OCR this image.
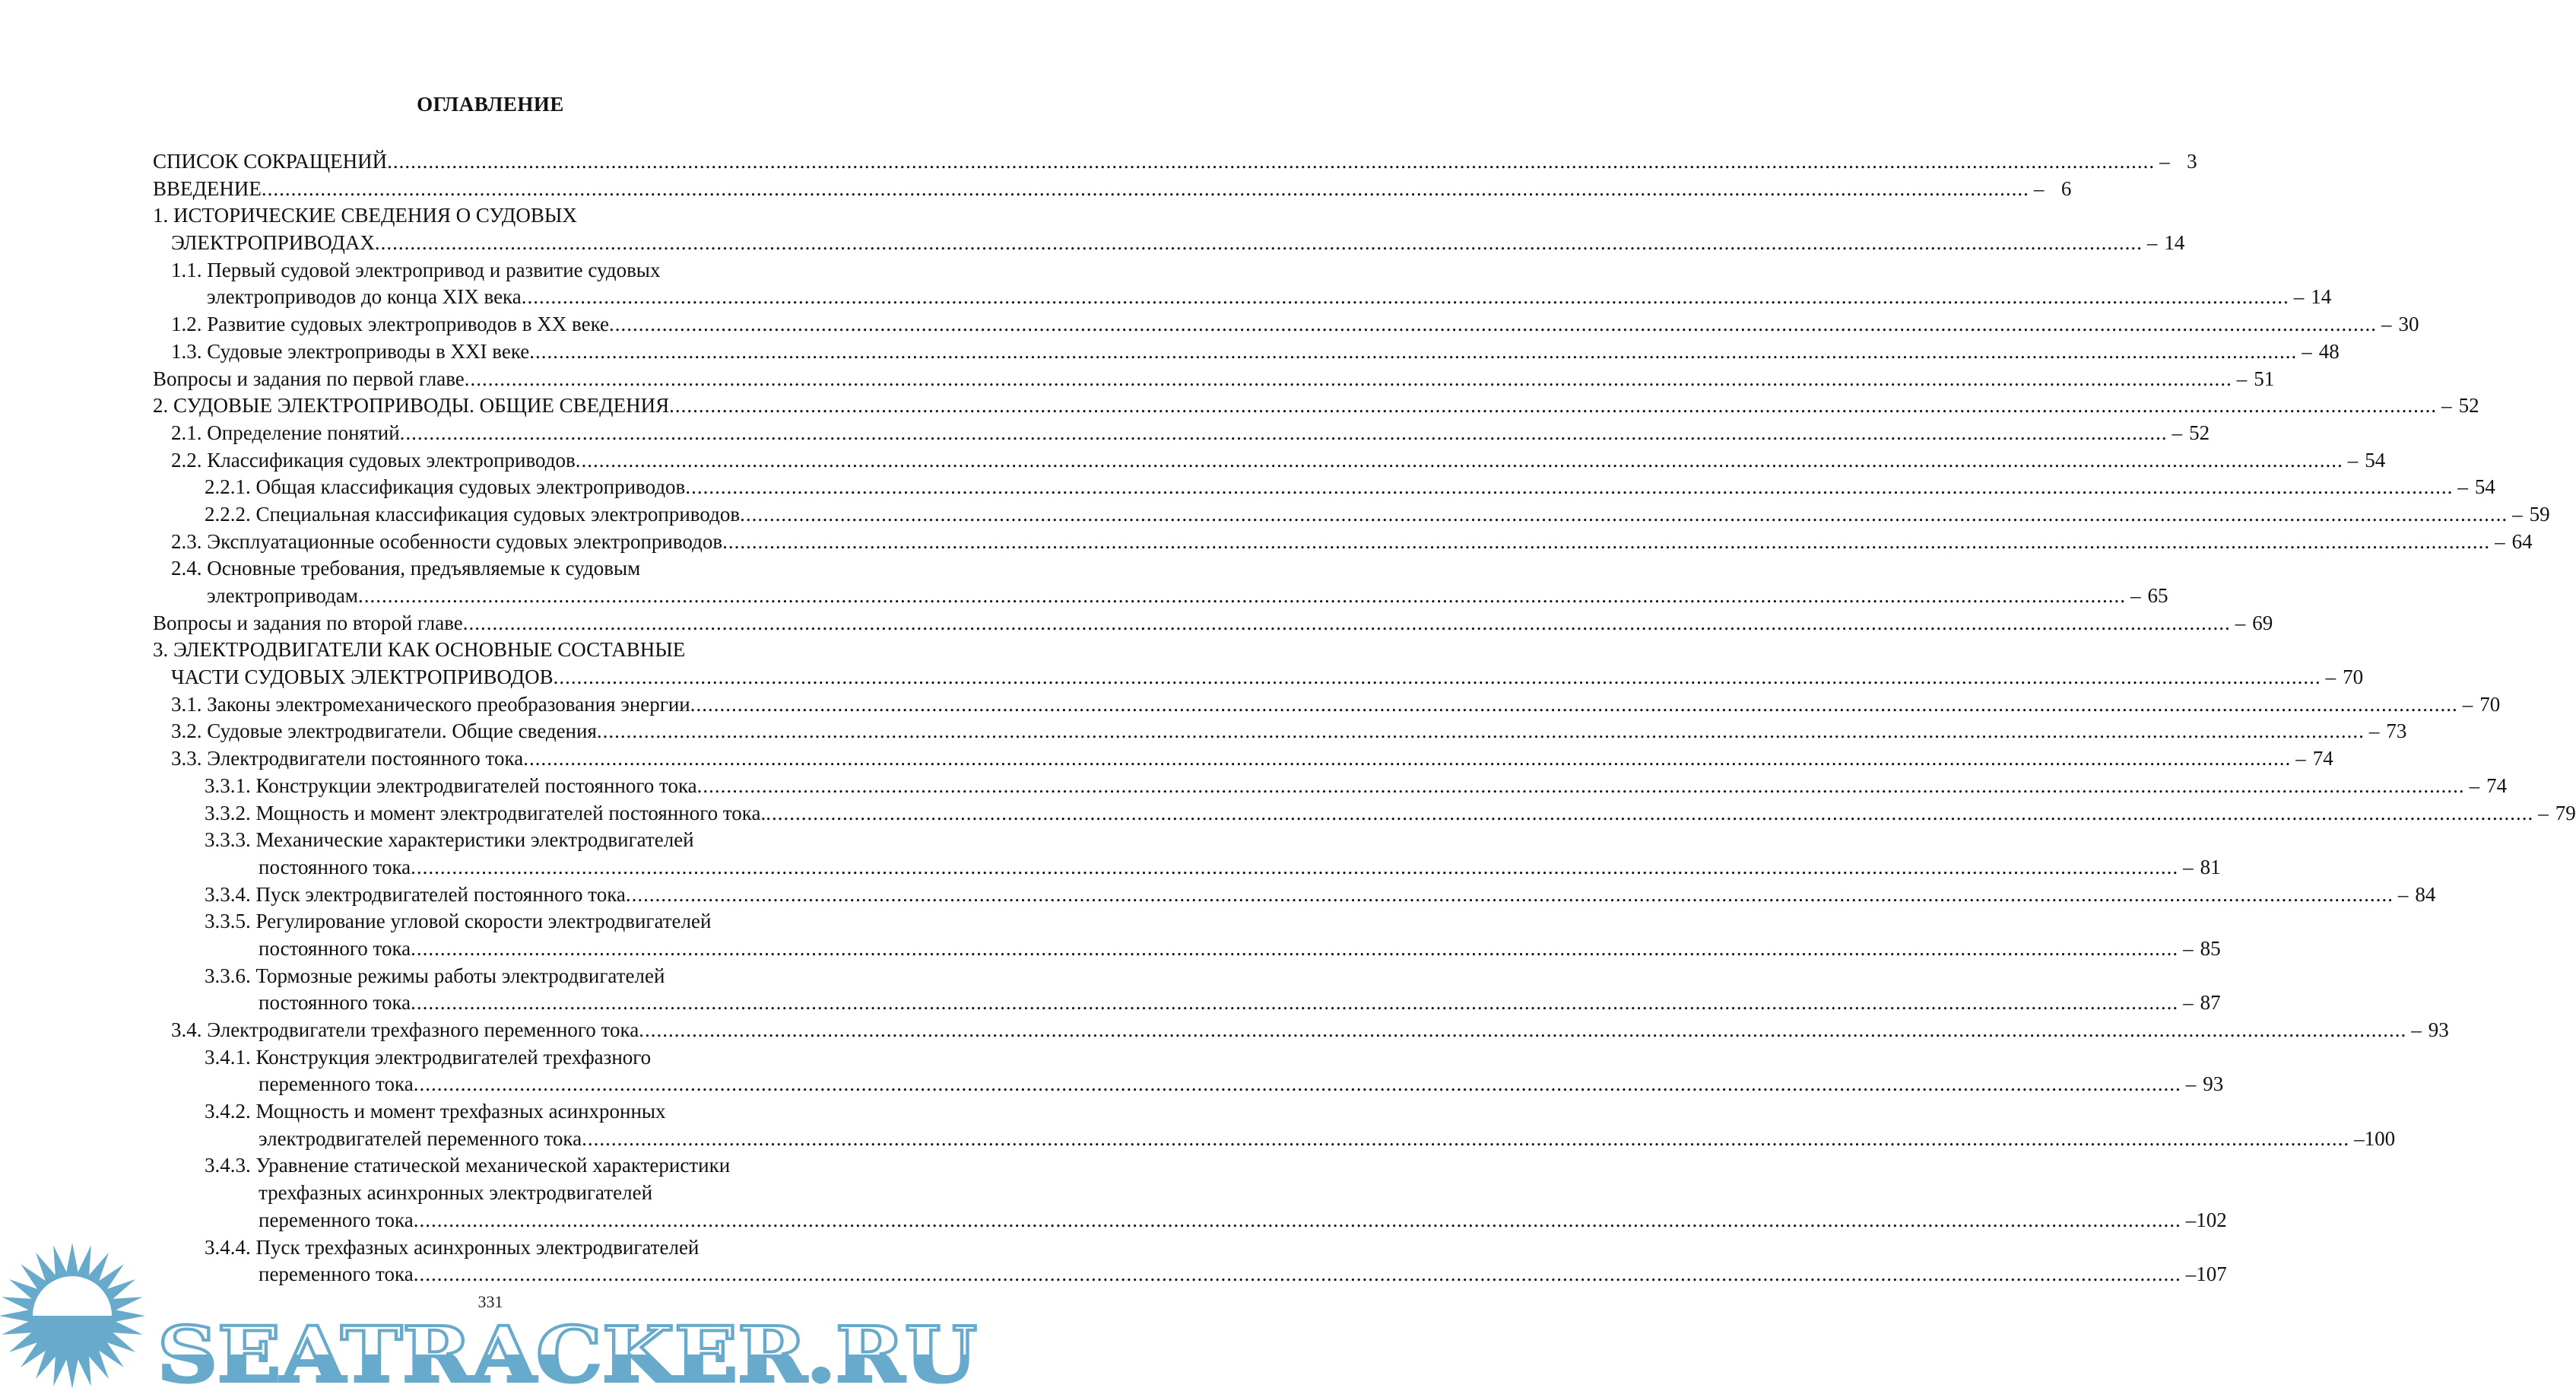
ОГЛАВЛЕНИЕ
СПИСОК СОКРАЩЕНИЙ ............................................................................................................................................................................................................................................................................................................ – 3
ВВЕДЕНИЕ ............................................................................................................................................................................................................................................................................................................ – 6
1. ИСТОРИЧЕСКИЕ СВЕДЕНИЯ О СУДОВЫХ
ЭЛЕКТРОПРИВОДАХ ............................................................................................................................................................................................................................................................................................................ – 14
1.1. Первый судовой электропривод и развитие судовых
электроприводов до конца XIX века ............................................................................................................................................................................................................................................................................................................ – 14
1.2. Развитие судовых электроприводов в XX веке ............................................................................................................................................................................................................................................................................................................ – 30
1.3. Судовые электроприводы в XXI веке ............................................................................................................................................................................................................................................................................................................ – 48
Вопросы и задания по первой главе ............................................................................................................................................................................................................................................................................................................ – 51
2. СУДОВЫЕ ЭЛЕКТРОПРИВОДЫ. ОБЩИЕ СВЕДЕНИЯ ............................................................................................................................................................................................................................................................................................................ – 52
2.1. Определение понятий ............................................................................................................................................................................................................................................................................................................ – 52
2.2. Классификация судовых электроприводов ............................................................................................................................................................................................................................................................................................................ – 54
2.2.1. Общая классификация судовых электроприводов ............................................................................................................................................................................................................................................................................................................ – 54
2.2.2. Специальная классификация судовых электроприводов ............................................................................................................................................................................................................................................................................................................ – 59
2.3. Эксплуатационные особенности судовых электроприводов ............................................................................................................................................................................................................................................................................................................ – 64
2.4. Основные требования, предъявляемые к судовым
электроприводам ............................................................................................................................................................................................................................................................................................................ – 65
Вопросы и задания по второй главе ............................................................................................................................................................................................................................................................................................................ – 69
3. ЭЛЕКТРОДВИГАТЕЛИ КАК ОСНОВНЫЕ СОСТАВНЫЕ
ЧАСТИ СУДОВЫХ ЭЛЕКТРОПРИВОДОВ ............................................................................................................................................................................................................................................................................................................ – 70
3.1. Законы электромеханического преобразования энергии ............................................................................................................................................................................................................................................................................................................ – 70
3.2. Судовые электродвигатели. Общие сведения ............................................................................................................................................................................................................................................................................................................ – 73
3.3. Электродвигатели постоянного тока ............................................................................................................................................................................................................................................................................................................ – 74
3.3.1. Конструкции электродвигателей постоянного тока ............................................................................................................................................................................................................................................................................................................ – 74
3.3.2. Мощность и момент электродвигателей постоянного тока. ............................................................................................................................................................................................................................................................................................................ – 79
3.3.3. Механические характеристики электродвигателей
постоянного тока ............................................................................................................................................................................................................................................................................................................ – 81
3.3.4. Пуск электродвигателей постоянного тока ............................................................................................................................................................................................................................................................................................................ – 84
3.3.5. Регулирование угловой скорости электродвигателей
постоянного тока ............................................................................................................................................................................................................................................................................................................ – 85
3.3.6. Тормозные режимы работы электродвигателей
постоянного тока ............................................................................................................................................................................................................................................................................................................ – 87
3.4. Электродвигатели трехфазного переменного тока ............................................................................................................................................................................................................................................................................................................ – 93
3.4.1. Конструкция электродвигателей трехфазного
переменного тока ............................................................................................................................................................................................................................................................................................................ – 93
3.4.2. Мощность и момент трехфазных асинхронных
электродвигателей переменного тока ............................................................................................................................................................................................................................................................................................................ – 100
3.4.3. Уравнение статической механической характеристики
трехфазных асинхронных электродвигателей
переменного тока ............................................................................................................................................................................................................................................................................................................ – 102
3.4.4. Пуск трехфазных асинхронных электродвигателей
переменного тока ............................................................................................................................................................................................................................................................................................................ – 107
331
SEATRACKER.RU
